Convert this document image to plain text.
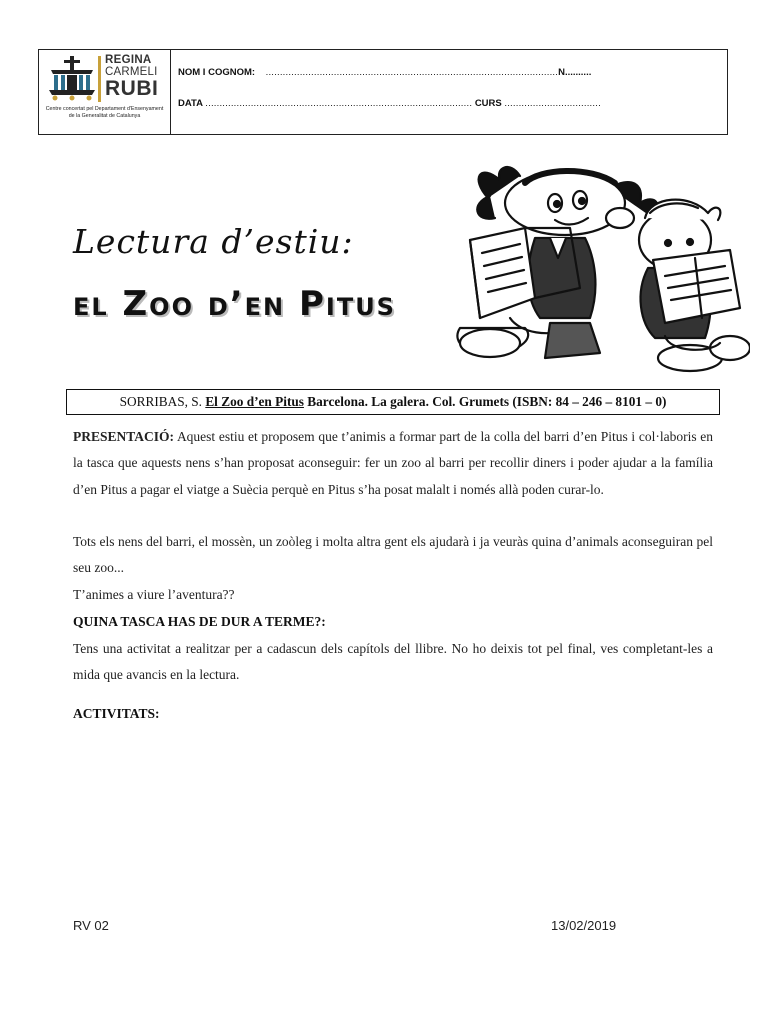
REGINA
CARMELI
RUBI
Centre concertat pel Departament d'Ensenyament
de la Generalitat de Catalunya
NOM I COGNOM: .......................................................................................................N..........
DATA .............................................................................................. CURS ..................................
Lectura d’estiu:
el Zoo d’en Pitus
SORRIBAS, S. El Zoo d’en Pitus Barcelona. La galera. Col. Grumets (ISBN: 84 – 246 – 8101 – 0)

PRESENTACIÓ: Aquest estiu et proposem que t’animis a formar part de la colla del barri d’en Pitus i col·laboris en la tasca que aquests nens s’han proposat aconseguir: fer un zoo al barri per recollir diners i poder ajudar a la família d’en Pitus a pagar el viatge a Suècia perquè en Pitus s’ha posat malalt i només allà poden curar-lo.

Tots els nens del barri, el mossèn, un zoòleg i molta altra gent els ajudarà i ja veuràs quina d’animals aconseguiran pel seu zoo...

T’animes a viure l’aventura??

QUINA TASCA HAS DE DUR A TERME?:

Tens una activitat a realitzar per a cadascun dels capítols del llibre. No ho deixis tot pel final, ves completant-les a mida que avancis en la lectura.

ACTIVITATS:

RV 02	13/02/2019
